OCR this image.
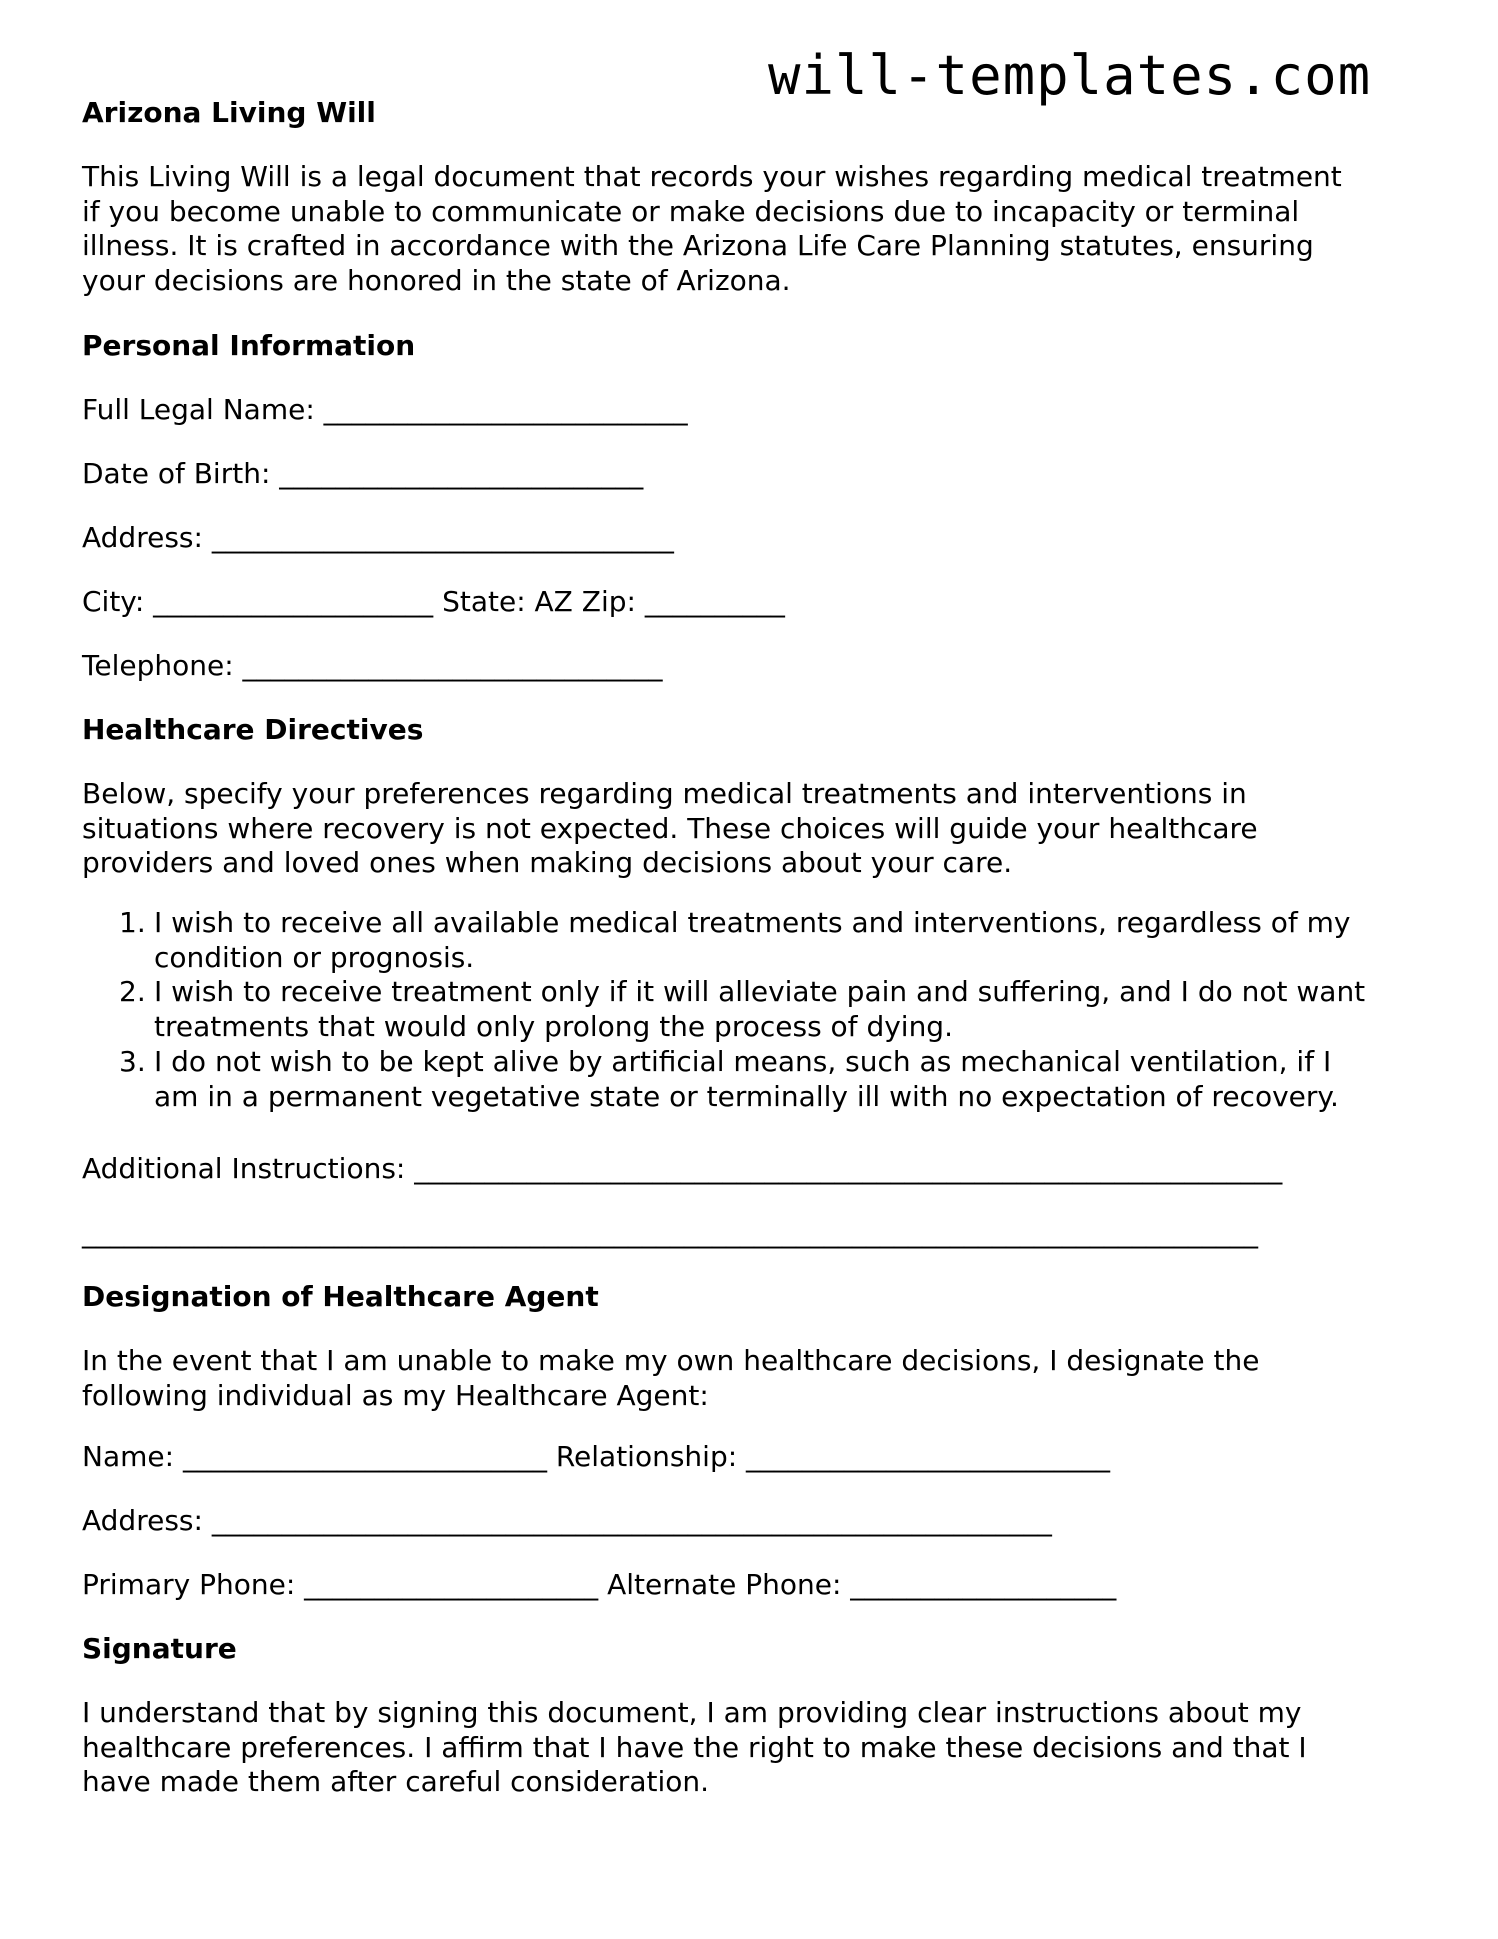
will-templates.com
Arizona Living Will
This Living Will is a legal document that records your wishes regarding medical treatment
if you become unable to communicate or make decisions due to incapacity or terminal
illness. It is crafted in accordance with the Arizona Life Care Planning statutes, ensuring
your decisions are honored in the state of Arizona.
Personal Information
Full Legal Name: __________________________
Date of Birth: __________________________
Address: _________________________________
City: ____________________ State: AZ Zip: __________
Telephone: ______________________________
Healthcare Directives
Below, specify your preferences regarding medical treatments and interventions in
situations where recovery is not expected. These choices will guide your healthcare
providers and loved ones when making decisions about your care.
1. I wish to receive all available medical treatments and interventions, regardless of my
condition or prognosis.
2. I wish to receive treatment only if it will alleviate pain and suffering, and I do not want
treatments that would only prolong the process of dying.
3. I do not wish to be kept alive by artificial means, such as mechanical ventilation, if I
am in a permanent vegetative state or terminally ill with no expectation of recovery.
Additional Instructions: ______________________________________________________________
____________________________________________________________________________________
Designation of Healthcare Agent
In the event that I am unable to make my own healthcare decisions, I designate the
following individual as my Healthcare Agent:
Name: __________________________ Relationship: __________________________
Address: ____________________________________________________________
Primary Phone: _____________________ Alternate Phone: ___________________
Signature
I understand that by signing this document, I am providing clear instructions about my
healthcare preferences. I affirm that I have the right to make these decisions and that I
have made them after careful consideration.
